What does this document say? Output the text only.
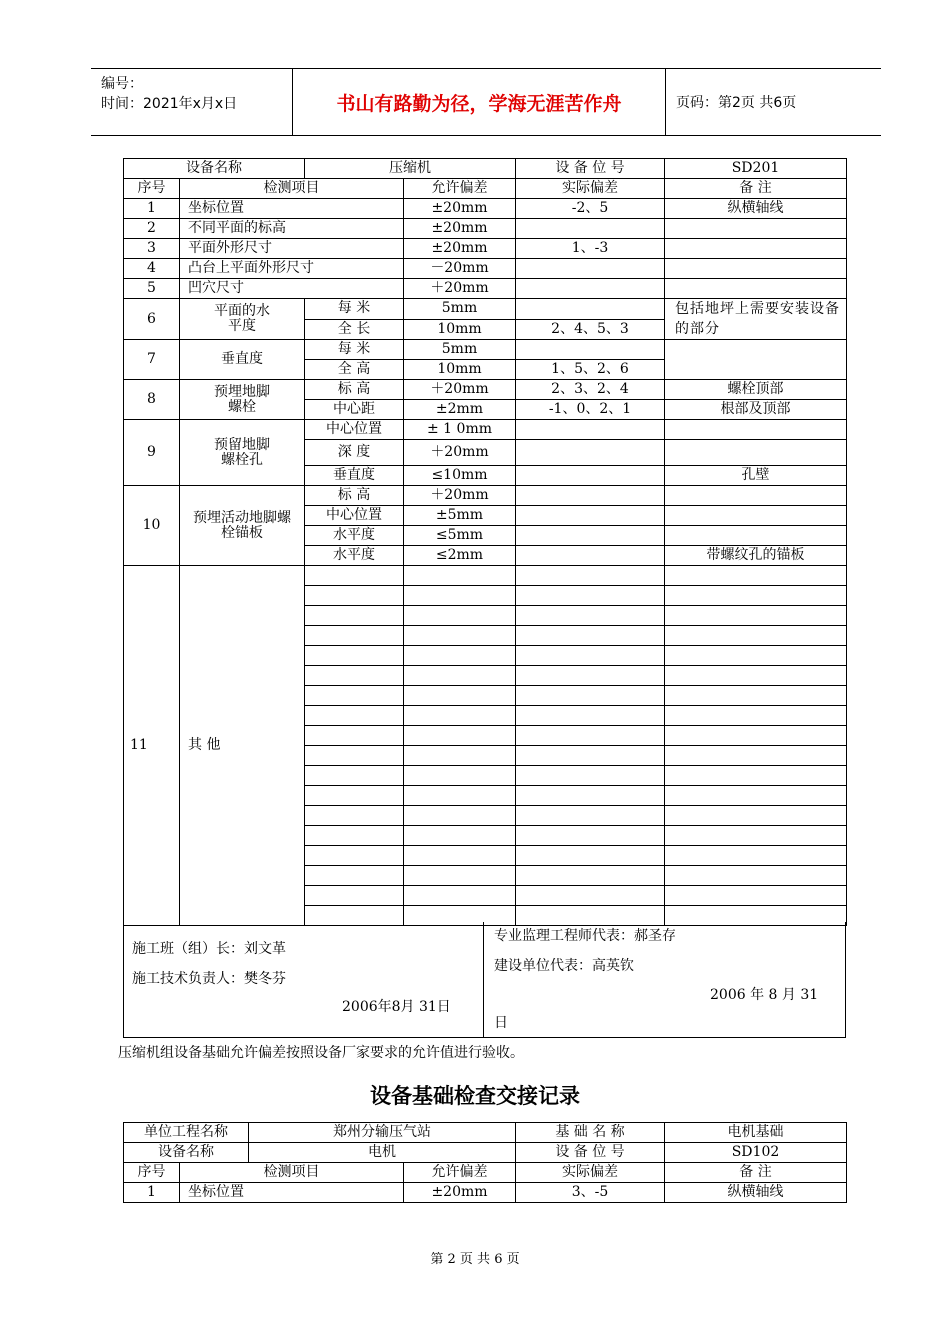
编号：
时间：2021年x月x日	书山有路勤为径，学海无涯苦作舟	页码：第2页 共6页
设备名称		压缩机		设 备 位 号	SD201
序号	检测项目		允许偏差	实际偏差	备 注
1	坐标位置		±20mm	-2、5	纵横轴线
2	不同平面的标高		±20mm		
3	平面外形尺寸		±20mm	1、-3	
4	凸台上平面外形尺寸		－20mm		
5	凹穴尺寸		＋20mm		
6	平面的水平度	每 米	5mm		包括地坪上需要安装设备的部分
		全 长	10mm	2、4、5、3	
7	垂直度	每 米	5mm		
		全 高	10mm	1、5、2、6	
8	预埋地脚螺栓	标 高	＋20mm	2、3、2、4	螺栓顶部
		中心距	±2mm	-1、0、2、1	根部及顶部
9	预留地脚螺栓孔	中心位置	± 1 0mm		
		深 度	＋20mm		
		垂直度	≤10mm		孔壁
10	预埋活动地脚螺栓锚板	标 高	＋20mm		
		中心位置	±5mm		
		水平度	≤5mm		
		水平度	≤2mm		带螺纹孔的锚板
11	其 他				

施工班（组）长：刘文革
施工技术负责人：樊冬芬
2006年8月 31日
专业监理工程师代表：郝圣存
建设单位代表：高英钦
2006 年 8 月 31
日
压缩机组设备基础允许偏差按照设备厂家要求的允许值进行验收。
设备基础检查交接记录
单位工程名称		郑州分输压气站		基 础 名 称	电机基础
设备名称		电机		设 备 位 号	SD102
序号	检测项目		允许偏差	实际偏差	备 注
1	坐标位置		±20mm	3、-5	纵横轴线
第 2 页 共 6 页
